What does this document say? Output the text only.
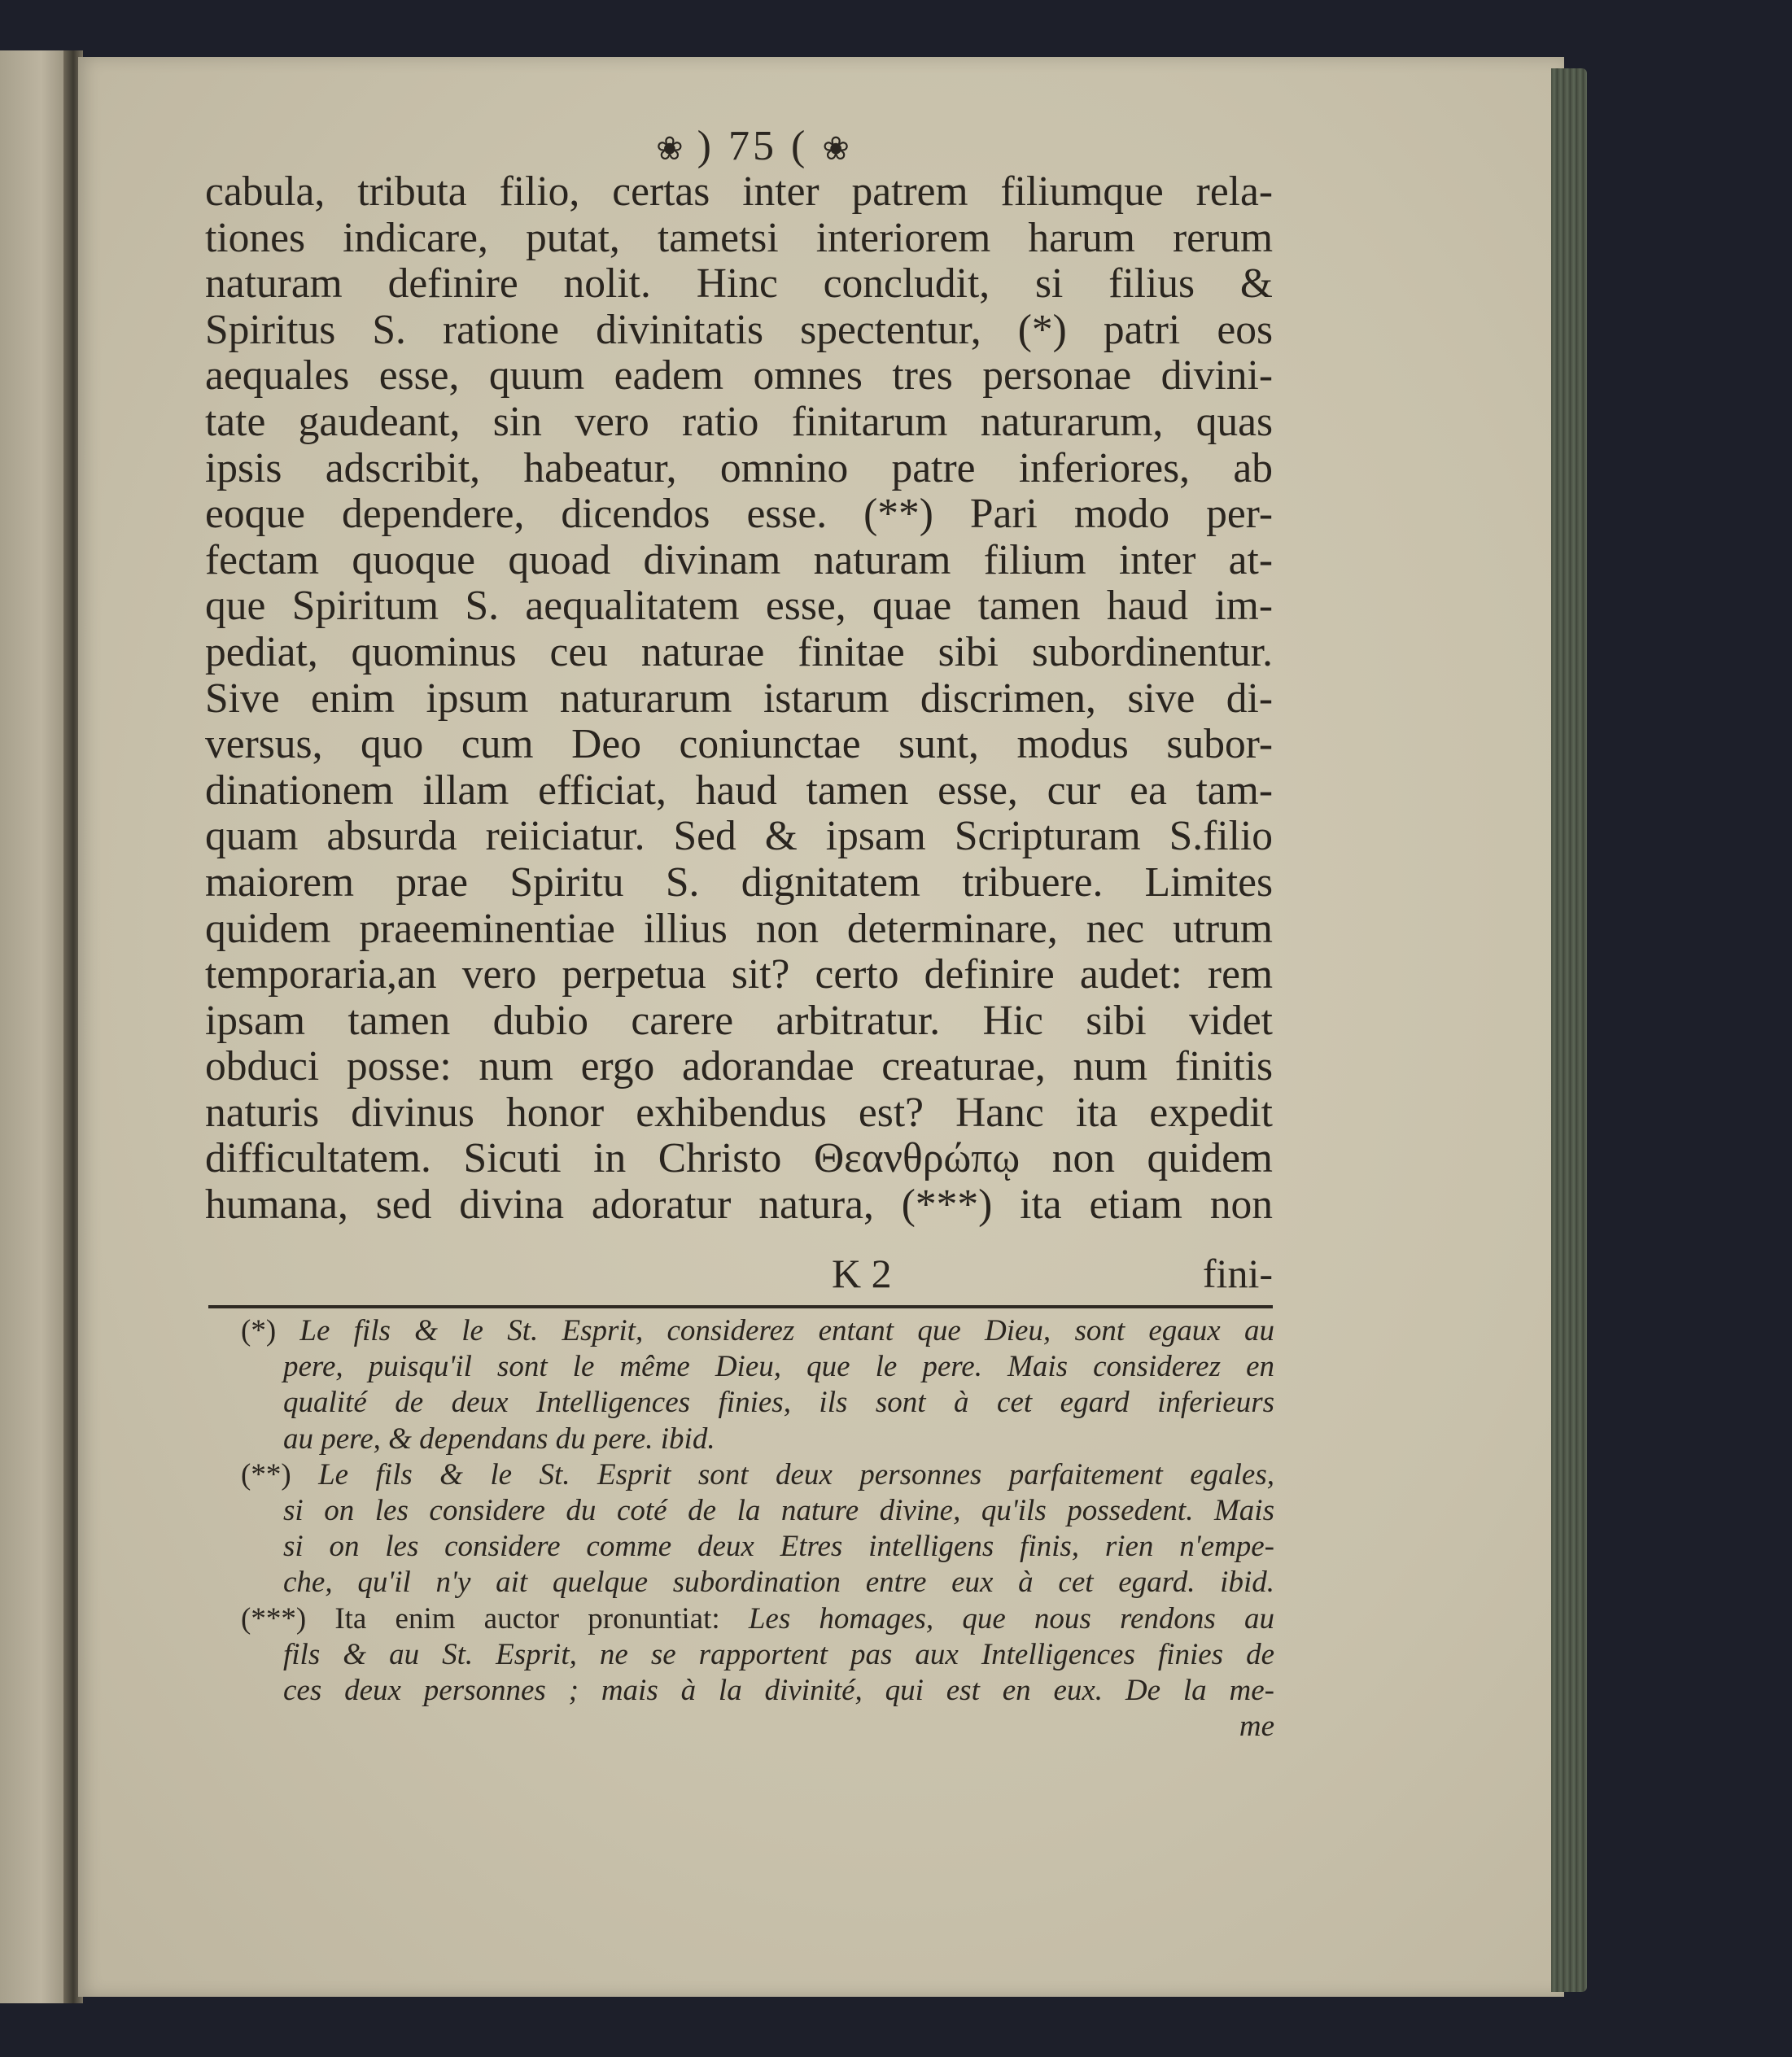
❀ ) 75 ( ❀
cabula, tributa filio, certas inter patrem filiumque rela-
tiones indicare, putat, tametsi interiorem harum rerum
naturam definire nolit. Hinc concludit, si filius &
Spiritus S. ratione divinitatis spectentur, (*) patri eos
aequales esse, quum eadem omnes tres personae divini-
tate gaudeant, sin vero ratio finitarum naturarum, quas
ipsis adscribit, habeatur, omnino patre inferiores, ab
eoque dependere, dicendos esse. (**) Pari modo per-
fectam quoque quoad divinam naturam filium inter at-
que Spiritum S. aequalitatem esse, quae tamen haud im-
pediat, quominus ceu naturae finitae sibi subordinentur.
Sive enim ipsum naturarum istarum discrimen, sive di-
versus, quo cum Deo coniunctae sunt, modus subor-
dinationem illam efficiat, haud tamen esse, cur ea tam-
quam absurda reiiciatur. Sed & ipsam Scripturam S.filio
maiorem prae Spiritu S. dignitatem tribuere. Limites
quidem praeeminentiae illius non determinare, nec utrum
temporaria,an vero perpetua sit? certo definire audet: rem
ipsam tamen dubio carere arbitratur. Hic sibi videt
obduci posse: num ergo adorandae creaturae, num finitis
naturis divinus honor exhibendus est? Hanc ita expedit
difficultatem. Sicuti in Christo Θεανθρώπῳ non quidem
humana, sed divina adoratur natura, (***) ita etiam non
K 2	fini-
(*) Le fils & le St. Esprit, considerez entant que Dieu, sont egaux au
pere, puisqu'il sont le même Dieu, que le pere. Mais considerez en
qualité de deux Intelligences finies, ils sont à cet egard inferieurs
au pere, & dependans du pere. ibid.
(**) Le fils & le St. Esprit sont deux personnes parfaitement egales,
si on les considere du coté de la nature divine, qu'ils possedent. Mais
si on les considere comme deux Etres intelligens finis, rien n'empe-
che, qu'il n'y ait quelque subordination entre eux à cet egard. ibid.
(***) Ita enim auctor pronuntiat: Les homages, que nous rendons au
fils & au St. Esprit, ne se rapportent pas aux Intelligences finies de
ces deux personnes ; mais à la divinité, qui est en eux. De la me-
me
